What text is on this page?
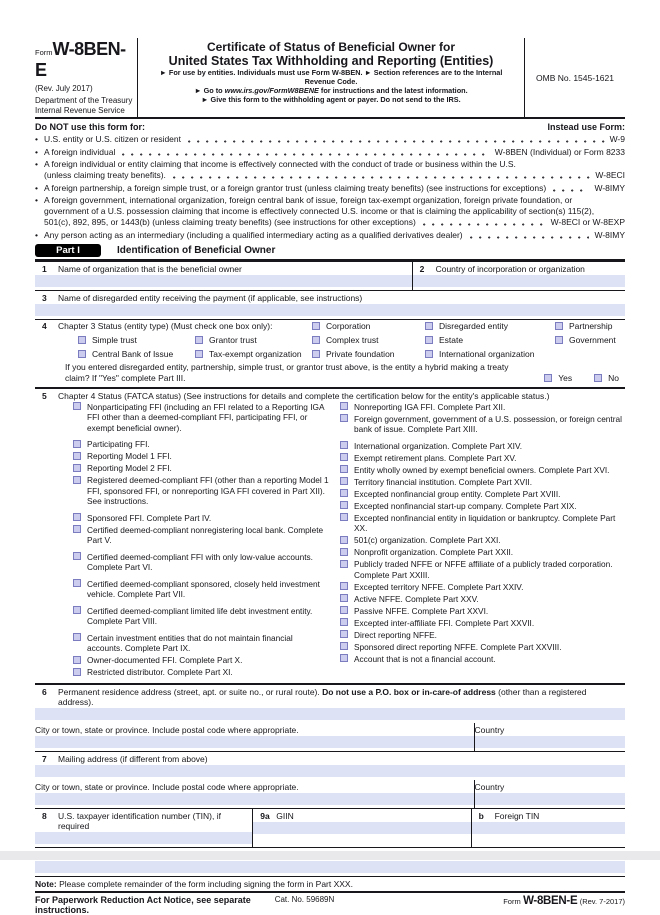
FormW-8BEN-E
(Rev. July 2017)
Department of the Treasury
Internal Revenue Service
Certificate of Status of Beneficial Owner for
United States Tax Withholding and Reporting (Entities)
► For use by entities. Individuals must use Form W-8BEN. ► Section references are to the Internal Revenue Code.
► Go to www.irs.gov/FormW8BENE for instructions and the latest information.
► Give this form to the withholding agent or payer. Do not send to the IRS.
OMB No. 1545-1621
Do NOT use this form for:	Instead use Form:
• U.S. entity or U.S. citizen or resident	W-9
• A foreign individual	W-8BEN (Individual) or Form 8233
• A foreign individual or entity claiming that income is effectively connected with the conduct of trade or business within the U.S.
(unless claiming treaty benefits).	W-8ECI
• A foreign partnership, a foreign simple trust, or a foreign grantor trust (unless claiming treaty benefits) (see instructions for exceptions)	W-8IMY
• A foreign government, international organization, foreign central bank of issue, foreign tax-exempt organization, foreign private foundation, or
government of a U.S. possession claiming that income is effectively connected U.S. income or that is claiming the applicability of section(s) 115(2),
501(c), 892, 895, or 1443(b) (unless claiming treaty benefits) (see instructions for other exceptions)	W-8ECI or W-8EXP
• Any person acting as an intermediary (including a qualified intermediary acting as a qualified derivatives dealer)	W-8IMY
Part I	Identification of Beneficial Owner
1	Name of organization that is the beneficial owner	2	Country of incorporation or organization
3	Name of disregarded entity receiving the payment (if applicable, see instructions)
4	Chapter 3 Status (entity type) (Must check one box only):	Corporation	Disregarded entity	Partnership
Simple trust	Grantor trust	Complex trust	Estate	Government
Central Bank of Issue	Tax-exempt organization	Private foundation	International organization
If you entered disregarded entity, partnership, simple trust, or grantor trust above, is the entity a hybrid making a treaty
claim? If "Yes" complete Part III.	Yes	No
5	Chapter 4 Status (FATCA status) (See instructions for details and complete the certification below for the entity's applicable status.)
Nonparticipating FFI (including an FFI related to a Reporting IGA FFI other than a deemed-compliant FFI, participating FFI, or exempt beneficial owner).
Participating FFI.
Reporting Model 1 FFI.
Reporting Model 2 FFI.
Registered deemed-compliant FFI (other than a reporting Model 1 FFI, sponsored FFI, or nonreporting IGA FFI covered in Part XII). See instructions.
Sponsored FFI. Complete Part IV.
Certified deemed-compliant nonregistering local bank. Complete Part V.
Certified deemed-compliant FFI with only low-value accounts. Complete Part VI.
Certified deemed-compliant sponsored, closely held investment vehicle. Complete Part VII.
Certified deemed-compliant limited life debt investment entity. Complete Part VIII.
Certain investment entities that do not maintain financial accounts. Complete Part IX.
Owner-documented FFI. Complete Part X.
Restricted distributor. Complete Part XI.
Nonreporting IGA FFI. Complete Part XII.
Foreign government, government of a U.S. possession, or foreign central bank of issue. Complete Part XIII.
International organization. Complete Part XIV.
Exempt retirement plans. Complete Part XV.
Entity wholly owned by exempt beneficial owners. Complete Part XVI.
Territory financial institution. Complete Part XVII.
Excepted nonfinancial group entity. Complete Part XVIII.
Excepted nonfinancial start-up company. Complete Part XIX.
Excepted nonfinancial entity in liquidation or bankruptcy. Complete Part XX.
501(c) organization. Complete Part XXI.
Nonprofit organization. Complete Part XXII.
Publicly traded NFFE or NFFE affiliate of a publicly traded corporation. Complete Part XXIII.
Excepted territory NFFE. Complete Part XXIV.
Active NFFE. Complete Part XXV.
Passive NFFE. Complete Part XXVI.
Excepted inter-affiliate FFI. Complete Part XXVII.
Direct reporting NFFE.
Sponsored direct reporting NFFE. Complete Part XXVIII.
Account that is not a financial account.
6	Permanent residence address (street, apt. or suite no., or rural route). Do not use a P.O. box or in-care-of address (other than a registered address).
City or town, state or province. Include postal code where appropriate.	Country
7	Mailing address (if different from above)
City or town, state or province. Include postal code where appropriate.	Country
8	U.S. taxpayer identification number (TIN), if required
9a GIIN	b	Foreign TIN
Note: Please complete remainder of the form including signing the form in Part XXX.
For Paperwork Reduction Act Notice, see separate instructions.
Cat. No. 59689N	Form W-8BEN-E (Rev. 7-2017)
